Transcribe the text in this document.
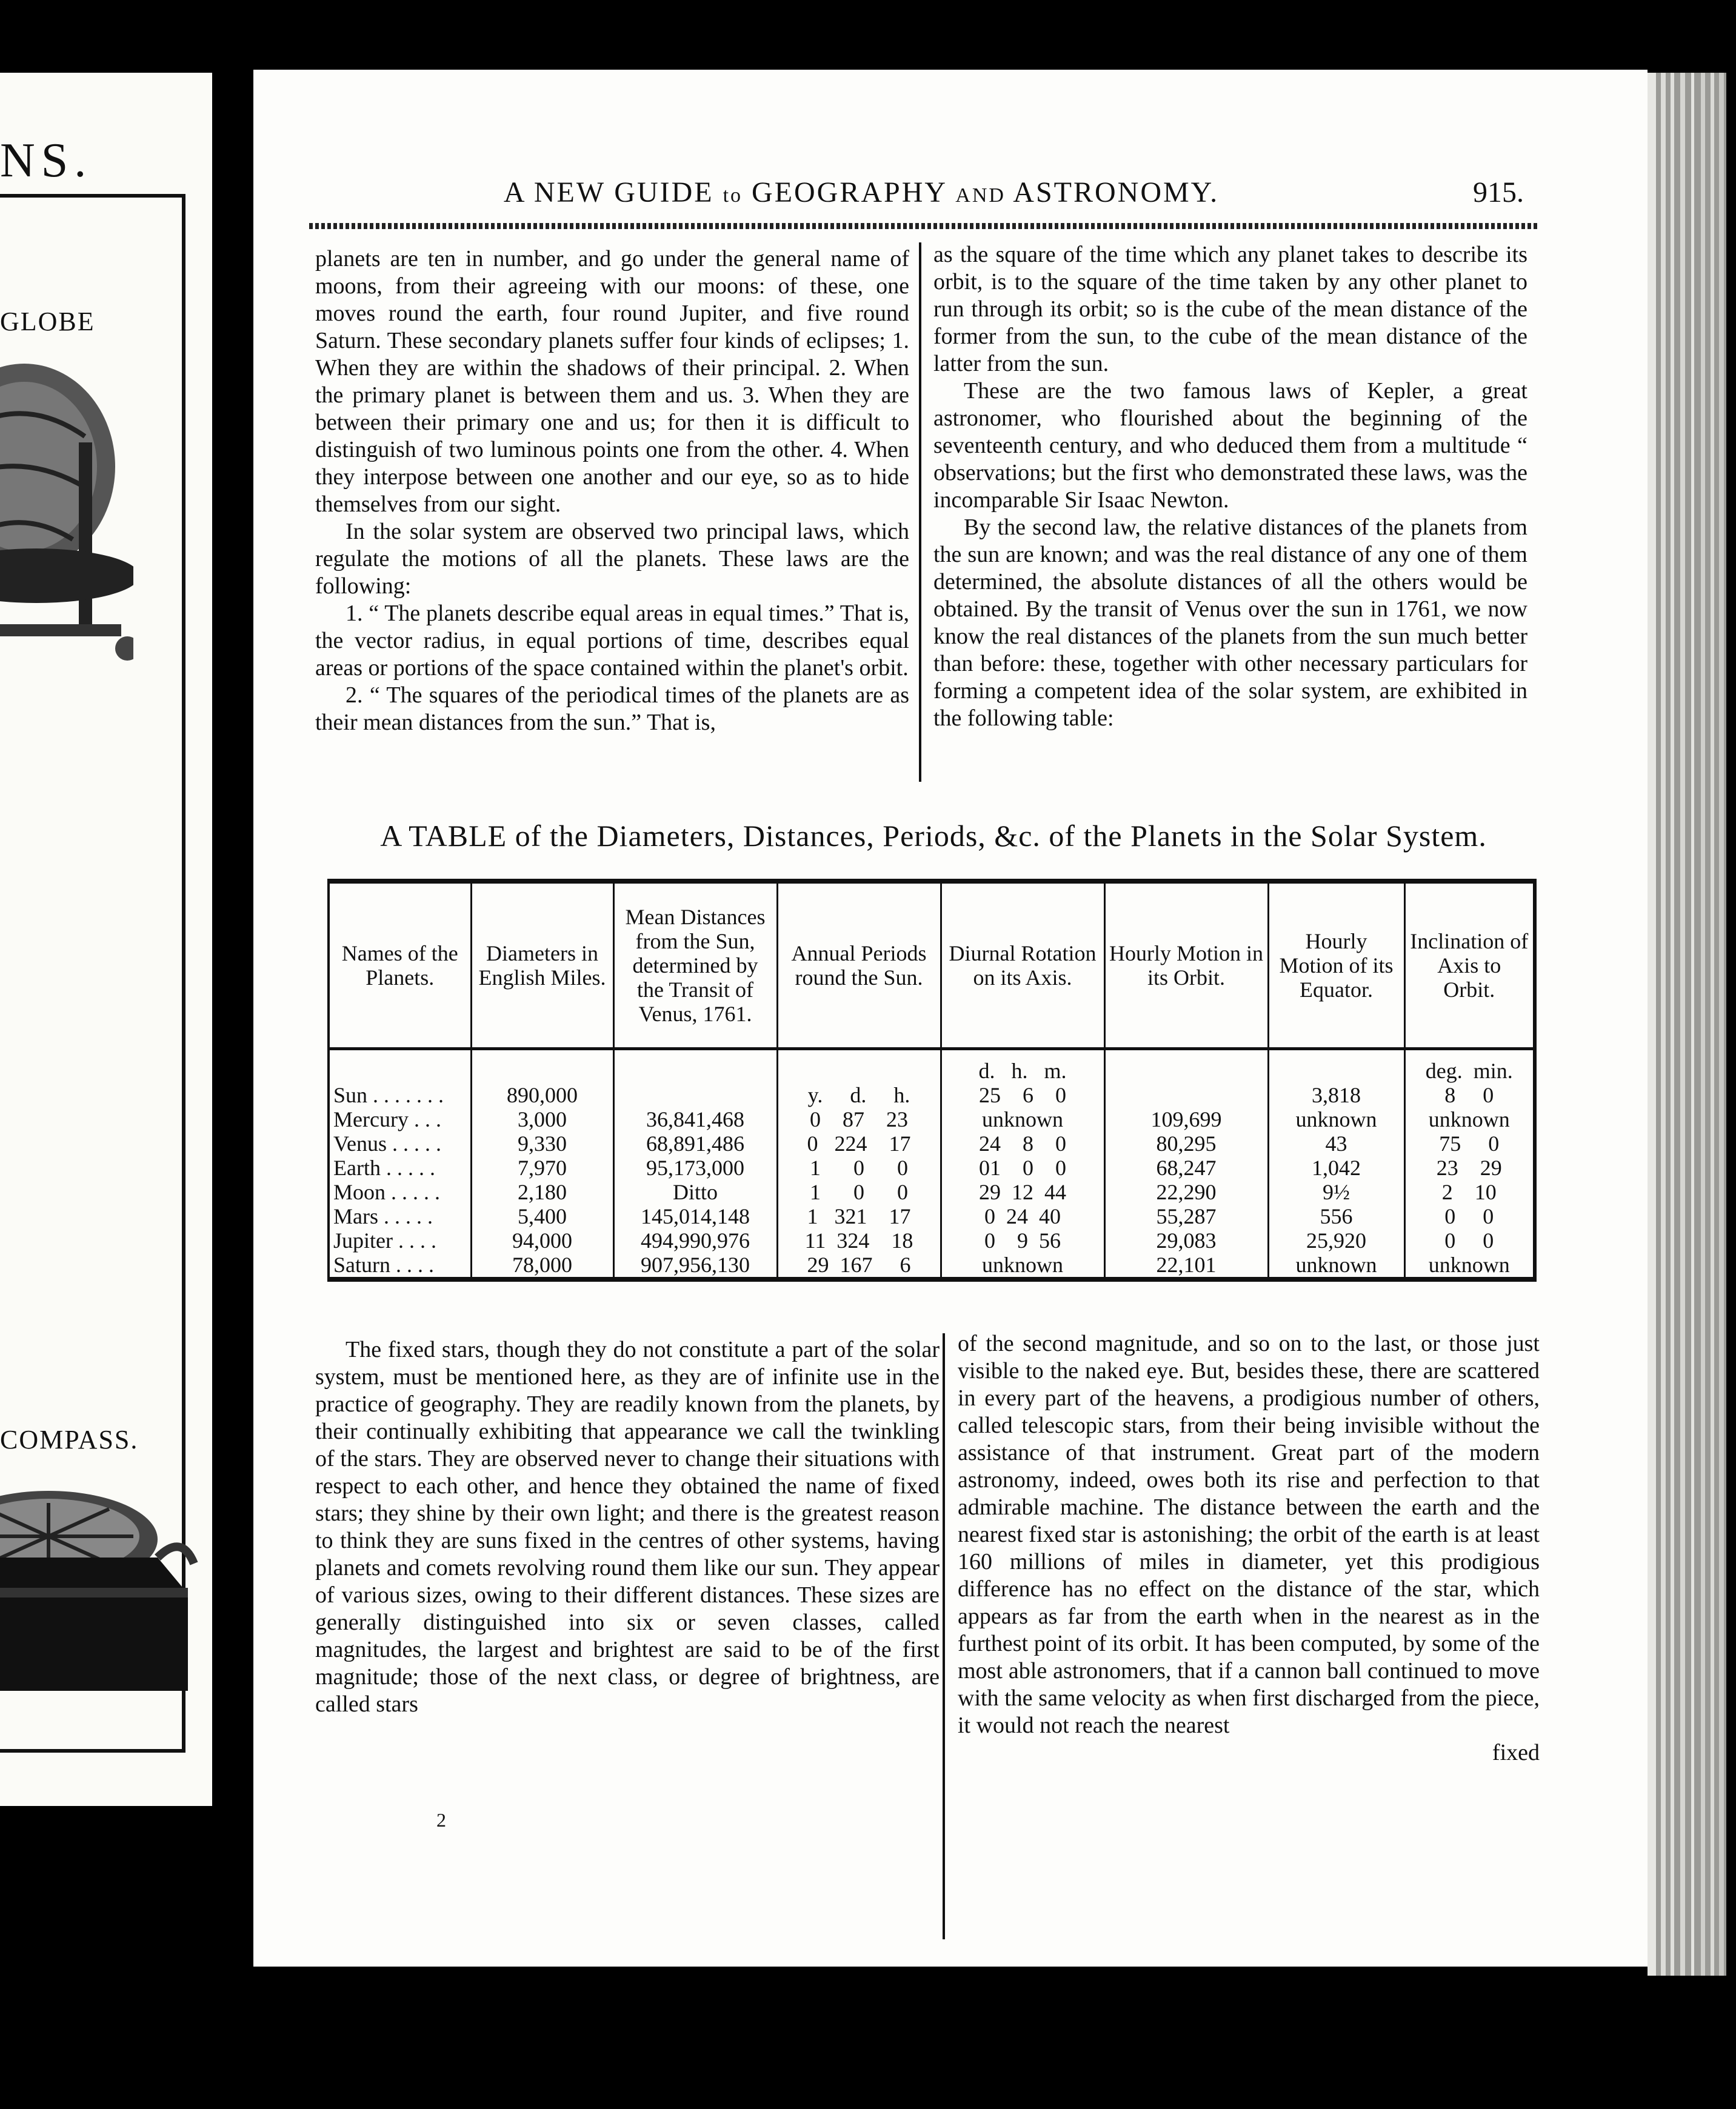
NS.
GLOBE
COMPASS.
A NEW GUIDE to GEOGRAPHY AND ASTRONOMY.	915.

planets are ten in number, and go under the general name of moons, from their agreeing with our moons: of these, one moves round the earth, four round Jupiter, and five round Saturn. These secondary planets suffer four kinds of eclipses; 1. When they are within the shadows of their principal. 2. When the primary planet is between them and us. 3. When they are between their primary one and us; for then it is difficult to distinguish of two luminous points one from the other. 4. When they interpose between one another and our eye, so as to hide themselves from our sight.

In the solar system are observed two principal laws, which regulate the motions of all the planets. These laws are the following:

1. “ The planets describe equal areas in equal times.” That is, the vector radius, in equal portions of time, describes equal areas or portions of the space contained within the planet's orbit.

2. “ The squares of the periodical times of the planets are as their mean distances from the sun.” That is,

as the square of the time which any planet takes to describe its orbit, is to the square of the time taken by any other planet to run through its orbit; so is the cube of the mean distance of the former from the sun, to the cube of the mean distance of the latter from the sun.

These are the two famous laws of Kepler, a great astronomer, who flourished about the beginning of the seventeenth century, and who deduced them from a multitude “ observations; but the first who demonstrated these laws, was the incomparable Sir Isaac Newton.

By the second law, the relative distances of the planets from the sun are known; and was the real distance of any one of them determined, the absolute distances of all the others would be obtained. By the transit of Venus over the sun in 1761, we now know the real distances of the planets from the sun much better than before: these, together with other necessary particulars for forming a competent idea of the solar system, are exhibited in the following table:

A TABLE of the Diameters, Distances, Periods, &c. of the Planets in the Solar System.
Names of the Planets.	Diameters in English Miles.	Mean Distances from the Sun, determined by the Transit of Venus, 1761.	Annual Periods round the Sun.	Diurnal Rotation on its Axis.	Hourly Motion in its Orbit.	Hourly Motion of its Equator.	Inclination of Axis to Orbit.
				d.   h.   m.			deg.  min.
Sun . . . . . . .	890,000		y.     d.     h.	25    6    0		3,818	8     0
Mercury . . .	3,000	36,841,468	0    87    23	unknown	109,699	unknown	unknown
Venus . . . . .	9,330	68,891,486	0   224    17	24    8    0	80,295	43	75     0
Earth . . . . .	7,970	95,173,000	1      0      0	01    0    0	68,247	1,042	23    29
Moon . . . . .	2,180	Ditto	1      0      0	29  12  44	22,290	9½	2    10
Mars . . . . .	5,400	145,014,148	1   321    17	0  24  40	55,287	556	0     0
Jupiter . . . .	94,000	494,990,976	11  324    18	0    9  56	29,083	25,920	0     0
Saturn . . . .	78,000	907,956,130	29  167     6	unknown	22,101	unknown	unknown

The fixed stars, though they do not constitute a part of the solar system, must be mentioned here, as they are of infinite use in the practice of geography. They are readily known from the planets, by their continually exhibiting that appearance we call the twinkling of the stars. They are observed never to change their situations with respect to each other, and hence they obtained the name of fixed stars; they shine by their own light; and there is the greatest reason to think they are suns fixed in the centres of other systems, having planets and comets revolving round them like our sun. They appear of various sizes, owing to their different distances. These sizes are generally distinguished into six or seven classes, called magnitudes, the largest and brightest are said to be of the first magnitude; those of the next class, or degree of brightness, are called stars

of the second magnitude, and so on to the last, or those just visible to the naked eye. But, besides these, there are scattered in every part of the heavens, a prodigious number of others, called telescopic stars, from their being invisible without the assistance of that instrument. Great part of the modern astronomy, indeed, owes both its rise and perfection to that admirable machine. The distance between the earth and the nearest fixed star is astonishing; the orbit of the earth is at least 160 millions of miles in diameter, yet this prodigious difference has no effect on the distance of the star, which appears as far from the earth when in the nearest as in the furthest point of its orbit. It has been computed, by some of the most able astronomers, that if a cannon ball continued to move with the same velocity as when first discharged from the piece, it would not reach the nearest

fixed

2
